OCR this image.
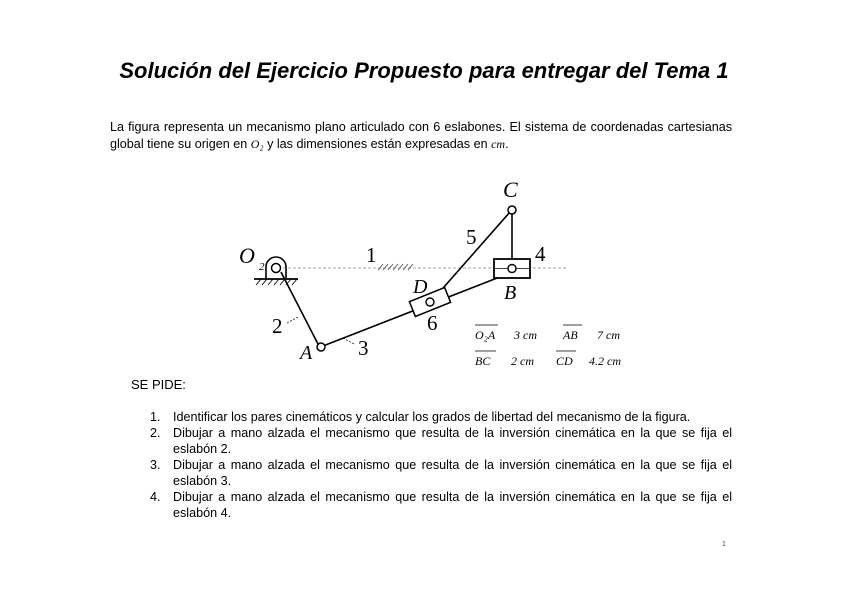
Solución del Ejercicio Propuesto para entregar del Tema 1

La figura representa un mecanismo plano articulado con 6 eslabones. El sistema de coordenadas cartesianas global tiene su origen en O₂ y las dimensiones están expresadas en cm.

O 2
A
B
C
D
1
2
3
4
5
6	O₂A 3 cm AB 7 cm
BC 2 cm CD 4.2 cm

SE PIDE:

1. Identificar los pares cinemáticos y calcular los grados de libertad del mecanismo de la figura.
2. Dibujar a mano alzada el mecanismo que resulta de la inversión cinemática en la que se fija el eslabón 2.
3. Dibujar a mano alzada el mecanismo que resulta de la inversión cinemática en la que se fija el eslabón 3.
4. Dibujar a mano alzada el mecanismo que resulta de la inversión cinemática en la que se fija el eslabón 4.
1
